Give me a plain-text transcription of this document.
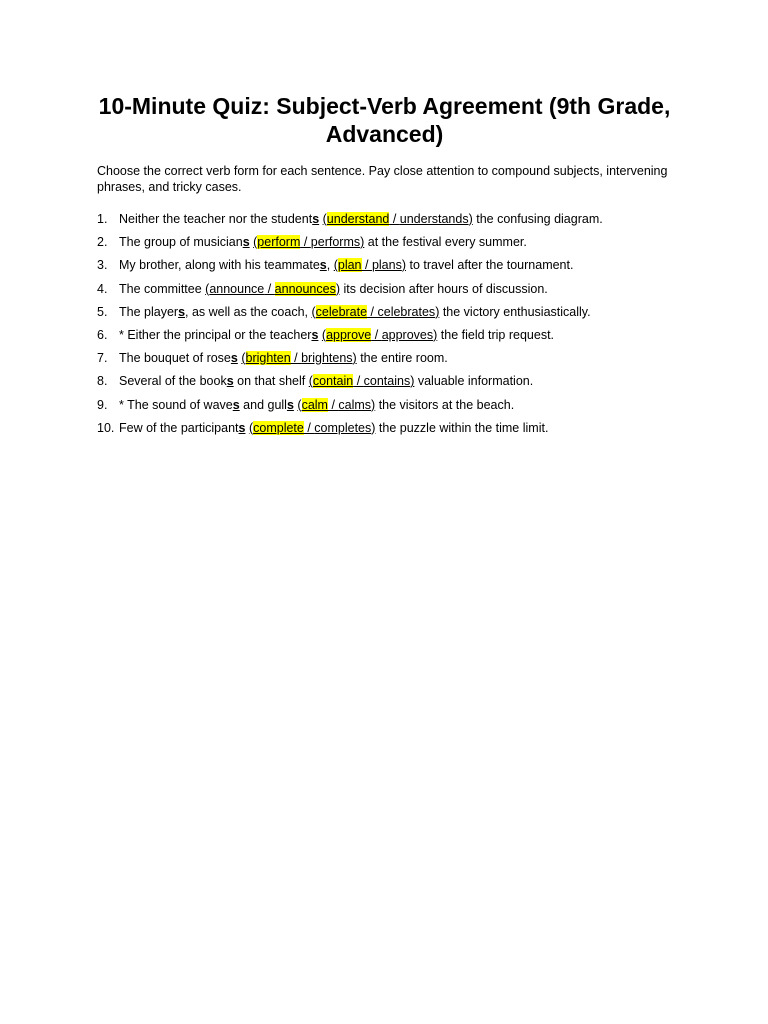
10-Minute Quiz: Subject-Verb Agreement (9th Grade, Advanced)

Choose the correct verb form for each sentence. Pay close attention to compound subjects, intervening phrases, and tricky cases.

1. Neither the teacher nor the students (understand / understands) the confusing diagram.
2. The group of musicians (perform / performs) at the festival every summer.
3. My brother, along with his teammates, (plan / plans) to travel after the tournament.
4. The committee (announce / announces) its decision after hours of discussion.
5. The players, as well as the coach, (celebrate / celebrates) the victory enthusiastically.
6. * Either the principal or the teachers (approve / approves) the field trip request.
7. The bouquet of roses (brighten / brightens) the entire room.
8. Several of the books on that shelf (contain / contains) valuable information.
9. * The sound of waves and gulls (calm / calms) the visitors at the beach.
10. Few of the participants (complete / completes) the puzzle within the time limit.
